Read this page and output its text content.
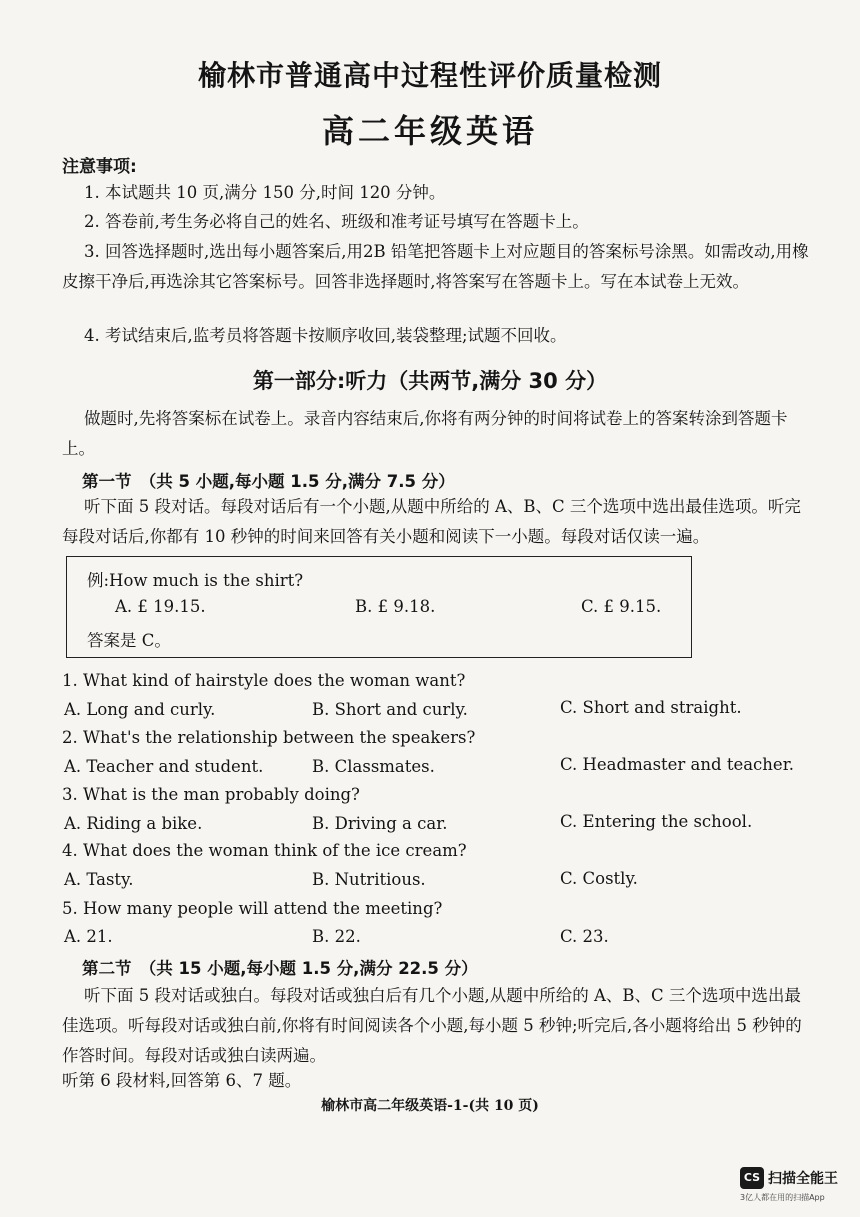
榆林市普通高中过程性评价质量检测
高二年级英语
注意事项:
1. 本试题共 10 页,满分 150 分,时间 120 分钟。
2. 答卷前,考生务必将自己的姓名、班级和准考证号填写在答题卡上。
3. 回答选择题时,选出每小题答案后,用2B 铅笔把答题卡上对应题目的答案标号涂黑。如需改动,用橡皮擦干净后,再选涂其它答案标号。回答非选择题时,将答案写在答题卡上。写在本试卷上无效。
4. 考试结束后,监考员将答题卡按顺序收回,装袋整理;试题不回收。
第一部分:听力（共两节,满分 30 分）
做题时,先将答案标在试卷上。录音内容结束后,你将有两分钟的时间将试卷上的答案转涂到答题卡上。
第一节　（共 5 小题,每小题 1.5 分,满分 7.5 分）
听下面 5 段对话。每段对话后有一个小题,从题中所给的 A、B、C 三个选项中选出最佳选项。听完每段对话后,你都有 10 秒钟的时间来回答有关小题和阅读下一小题。每段对话仅读一遍。
例:How much is the shirt?
A. £ 19.15.	B. £ 9.18.	C. £ 9.15.
答案是 C。
1. What kind of hairstyle does the woman want?
A. Long and curly.	B. Short and curly.	C. Short and straight.
2. What's the relationship between the speakers?
A. Teacher and student.	B. Classmates.	C. Headmaster and teacher.
3. What is the man probably doing?
A. Riding a bike.	B. Driving a car.	C. Entering the school.
4. What does the woman think of the ice cream?
A. Tasty.	B. Nutritious.	C. Costly.
5. How many people will attend the meeting?
A. 21.	B. 22.	C. 23.
第二节　（共 15 小题,每小题 1.5 分,满分 22.5 分）
听下面 5 段对话或独白。每段对话或独白后有几个小题,从题中所给的 A、B、C 三个选项中选出最佳选项。听每段对话或独白前,你将有时间阅读各个小题,每小题 5 秒钟;听完后,各小题将给出 5 秒钟的作答时间。每段对话或独白读两遍。
听第 6 段材料,回答第 6、7 题。
榆林市高二年级英语-1-(共 10 页)
CS 扫描全能王
3亿人都在用的扫描App
